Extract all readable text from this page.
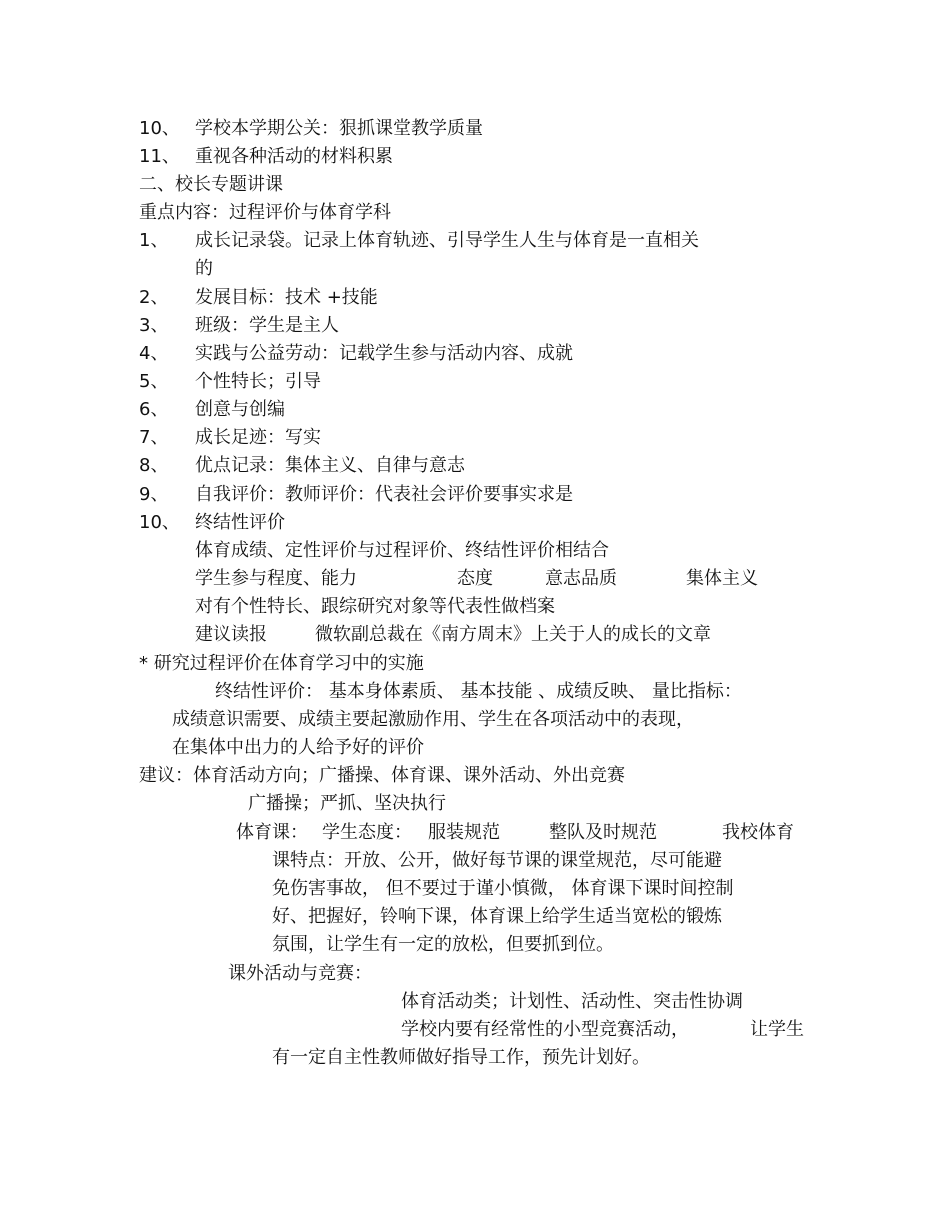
10、 学校本学期公关：狠抓课堂教学质量
11、 重视各种活动的材料积累
二、校长专题讲课
重点内容：过程评价与体育学科
1、 成长记录袋。记录上体育轨迹、引导学生人生与体育是一直相关
的
2、 发展目标：技术 +技能
3、 班级：学生是主人
4、 实践与公益劳动：记载学生参与活动内容、成就
5、 个性特长；引导
6、 创意与创编
7、 成长足迹：写实
8、 优点记录：集体主义、自律与意志
9、 自我评价：教师评价：代表社会评价要事实求是
10、 终结性评价
体育成绩、定性评价与过程评价、终结性评价相结合
学生参与程度、能力	态度	意志品质	集体主义
对有个性特长、跟综研究对象等代表性做档案
建议读报	微软副总裁在《南方周末》上关于人的成长的文章
* 研究过程评价在体育学习中的实施
终结性评价： 基本身体素质、 基本技能 、成绩反映、 量比指标：
成绩意识需要、成绩主要起激励作用、学生在各项活动中的表现，
在集体中出力的人给予好的评价
建议：体育活动方向；广播操、体育课、课外活动、外出竞赛
广播操；严抓、坚决执行
体育课： 学生态度： 服装规范	整队及时规范	我校体育
课特点：开放、公开，做好每节课的课堂规范，尽可能避
免伤害事故， 但不要过于谨小慎微， 体育课下课时间控制
好、把握好，铃响下课，体育课上给学生适当宽松的锻炼
氛围，让学生有一定的放松，但要抓到位。
课外活动与竞赛：
体育活动类；计划性、活动性、突击性协调
学校内要有经常性的小型竞赛活动，	让学生
有一定自主性教师做好指导工作，预先计划好。
